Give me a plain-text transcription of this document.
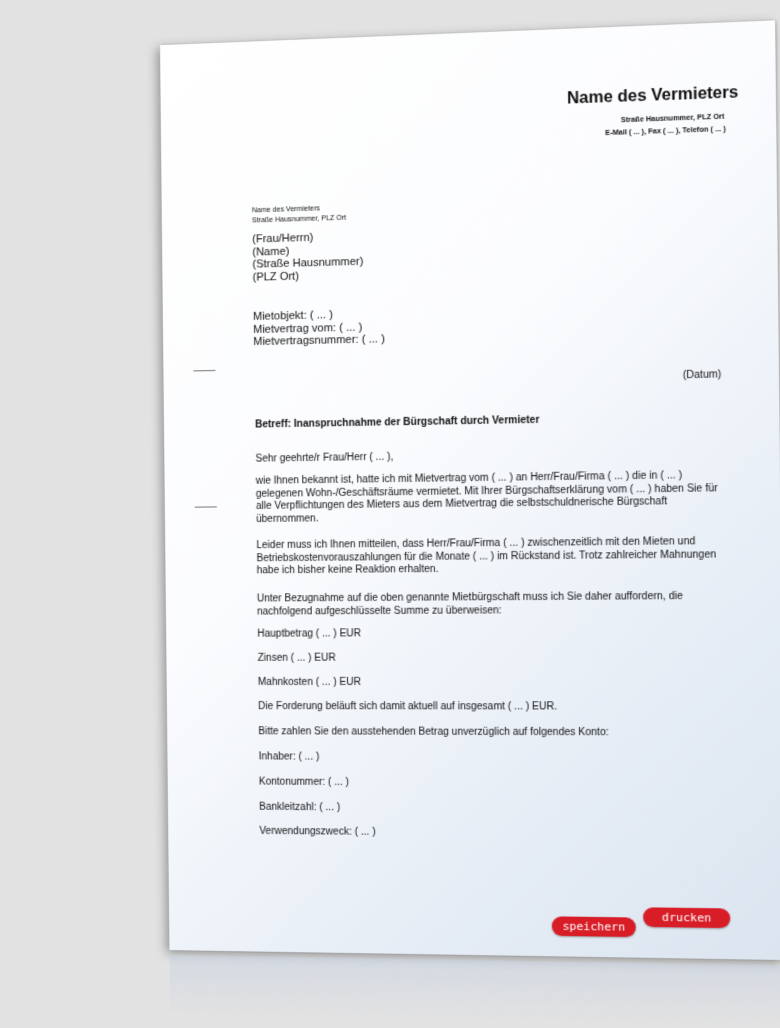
Name des Vermieters
Straße Hausnummer, PLZ Ort
E-Mail ( ... ), Fax ( ... ), Telefon ( ... )
Name des Vermieters
Straße Hausnummer, PLZ Ort
(Frau/Herrn)
(Name)
(Straße Hausnummer)
(PLZ Ort)
Mietobjekt: ( ... )
Mietvertrag vom: ( ... )
Mietvertragsnummer: ( ... )
(Datum)
Betreff: Inanspruchnahme der Bürgschaft durch Vermieter
Sehr geehrte/r Frau/Herr ( ... ),
wie Ihnen bekannt ist, hatte ich mit Mietvertrag vom ( ... ) an Herr/Frau/Firma ( ... ) die in ( ... )
gelegenen Wohn-/Geschäftsräume vermietet. Mit Ihrer Bürgschaftserklärung vom ( ... ) haben Sie für
alle Verpflichtungen des Mieters aus dem Mietvertrag die selbstschuldnerische Bürgschaft
übernommen.
Leider muss ich Ihnen mitteilen, dass Herr/Frau/Firma ( ... ) zwischenzeitlich mit den Mieten und
Betriebskostenvorauszahlungen für die Monate ( ... ) im Rückstand ist. Trotz zahlreicher Mahnungen
habe ich bisher keine Reaktion erhalten.
Unter Bezugnahme auf die oben genannte Mietbürgschaft muss ich Sie daher auffordern, die
nachfolgend aufgeschlüsselte Summe zu überweisen:
Hauptbetrag ( ... ) EUR
Zinsen ( ... ) EUR
Mahnkosten ( ... ) EUR
Die Forderung beläuft sich damit aktuell auf insgesamt ( ... ) EUR.
Bitte zahlen Sie den ausstehenden Betrag unverzüglich auf folgendes Konto:
Inhaber: ( ... )
Kontonummer: ( ... )
Bankleitzahl: ( ... )
Verwendungszweck: ( ... )
speichern
drucken
